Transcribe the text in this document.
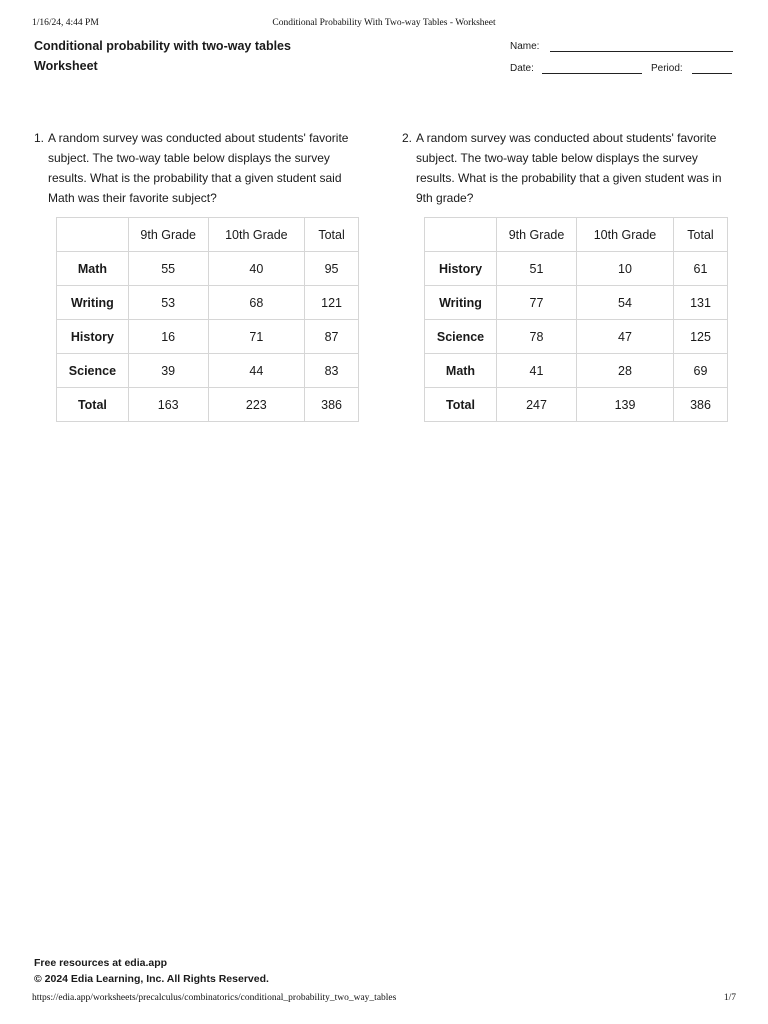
1/16/24, 4:44 PM	Conditional Probability With Two-way Tables - Worksheet
Conditional probability with two-way tables
Worksheet
Name:
Date:	Period:
1. A random survey was conducted about students' favorite subject. The two-way table below displays the survey results. What is the probability that a given student said Math was their favorite subject?
	9th Grade	10th Grade	Total
Math	55	40	95
Writing	53	68	121
History	16	71	87
Science	39	44	83
Total	163	223	386
2. A random survey was conducted about students' favorite subject. The two-way table below displays the survey results. What is the probability that a given student was in 9th grade?
	9th Grade	10th Grade	Total
History	51	10	61
Writing	77	54	131
Science	78	47	125
Math	41	28	69
Total	247	139	386
Free resources at edia.app
© 2024 Edia Learning, Inc. All Rights Reserved.
https://edia.app/worksheets/precalculus/combinatorics/conditional_probability_two_way_tables	1/7
